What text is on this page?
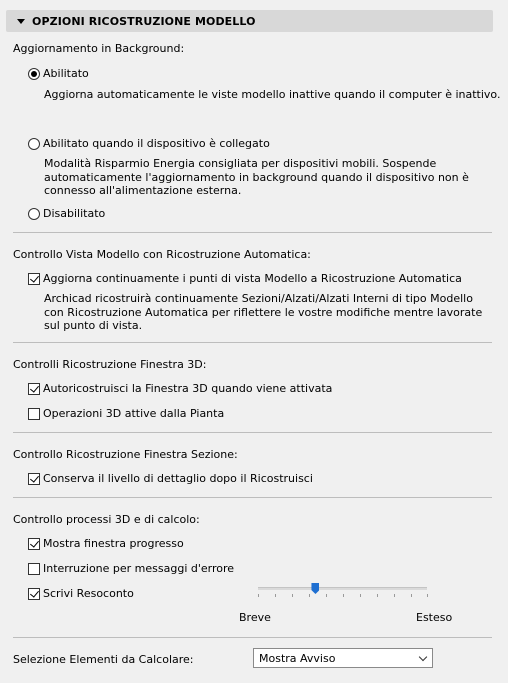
OPZIONI RICOSTRUZIONE MODELLO
Aggiornamento in Background:
Abilitato
Aggiorna automaticamente le viste modello inattive quando il computer è inattivo.
Abilitato quando il dispositivo è collegato
Modalità Risparmio Energia consigliata per dispositivi mobili. Sospende automaticamente l'aggiornamento in background quando il dispositivo non è connesso all'alimentazione esterna.
Disabilitato
Controllo Vista Modello con Ricostruzione Automatica:
Aggiorna continuamente i punti di vista Modello a Ricostruzione Automatica
Archicad ricostruirà continuamente Sezioni/Alzati/Alzati Interni di tipo Modello con Ricostruzione Automatica per riflettere le vostre modifiche mentre lavorate sul punto di vista.
Controlli Ricostruzione Finestra 3D:
Autoricostruisci la Finestra 3D quando viene attivata
Operazioni 3D attive dalla Pianta
Controllo Ricostruzione Finestra Sezione:
Conserva il livello di dettaglio dopo il Ricostruisci
Controllo processi 3D e di calcolo:
Mostra finestra progresso
Interruzione per messaggi d'errore
Scrivi Resoconto
Breve	Esteso
Selezione Elementi da Calcolare:	Mostra Avviso
